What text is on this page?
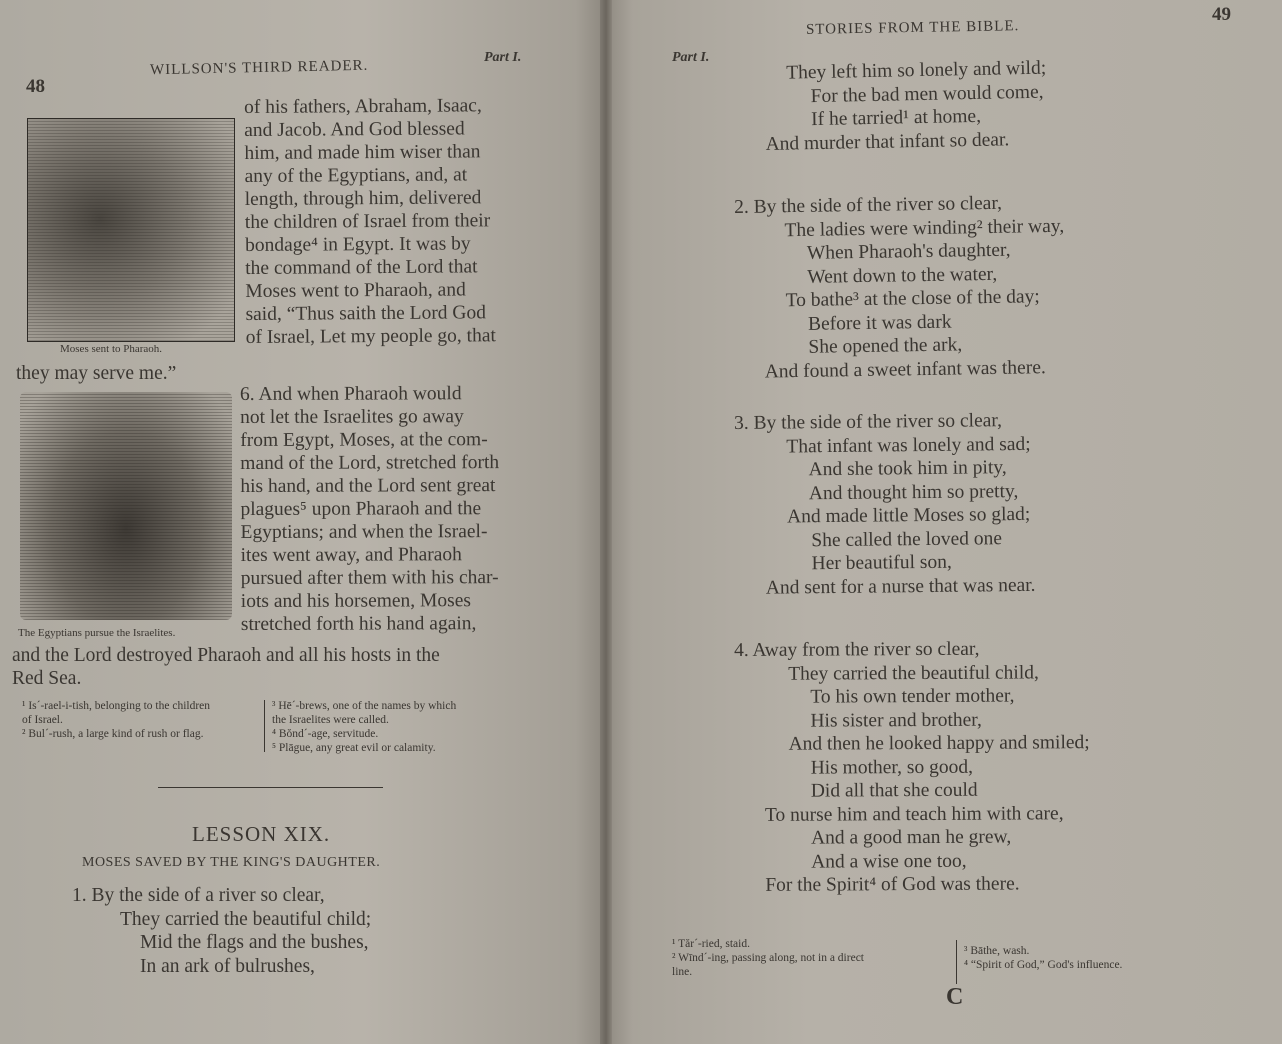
48
WILLSON'S THIRD READER.
Part I.
Moses sent to Pharaoh.
of his fathers, Abraham, Isaac,
and Jacob. And God blessed
him, and made him wiser than
any of the Egyptians, and, at
length, through him, delivered
the children of Israel from their
bondage⁴ in Egypt. It was by
the command of the Lord that
Moses went to Pharaoh, and
said, “Thus saith the Lord God
of Israel, Let my people go, that
they may serve me.”
The Egyptians pursue the Israelites.
6. And when Pharaoh would
not let the Israelites go away
from Egypt, Moses, at the com-
mand of the Lord, stretched forth
his hand, and the Lord sent great
plagues⁵ upon Pharaoh and the
Egyptians; and when the Israel-
ites went away, and Pharaoh
pursued after them with his char-
iots and his horsemen, Moses
stretched forth his hand again,
and the Lord destroyed Pharaoh and all his hosts in the
Red Sea.
¹ Is´-rael-i-tish, belonging to the children
of Israel.
² Bul´-rush, a large kind of rush or flag.
³ Hē´-brews, one of the names by which
the Israelites were called.
⁴ Bŏnd´-age, servitude.
⁵ Plāgue, any great evil or calamity.
LESSON XIX.
MOSES SAVED BY THE KING'S DAUGHTER.
1. By the side of a river so clear,
They carried the beautiful child;
Mid the flags and the bushes,
In an ark of bulrushes,
49
STORIES FROM THE BIBLE.
Part I.
They left him so lonely and wild;
For the bad men would come,
If he tarried¹ at home,
And murder that infant so dear.
2. By the side of the river so clear,
The ladies were winding² their way,
When Pharaoh's daughter,
Went down to the water,
To bathe³ at the close of the day;
Before it was dark
She opened the ark,
And found a sweet infant was there.
3. By the side of the river so clear,
That infant was lonely and sad;
And she took him in pity,
And thought him so pretty,
And made little Moses so glad;
She called the loved one
Her beautiful son,
And sent for a nurse that was near.
4. Away from the river so clear,
They carried the beautiful child,
To his own tender mother,
His sister and brother,
And then he looked happy and smiled;
His mother, so good,
Did all that she could
To nurse him and teach him with care,
And a good man he grew,
And a wise one too,
For the Spirit⁴ of God was there.
¹ Tăr´-ried, staid.
² Wīnd´-ing, passing along, not in a direct
line.
³ Bāthe, wash.
⁴ “Spirit of God,” God's influence.
C
